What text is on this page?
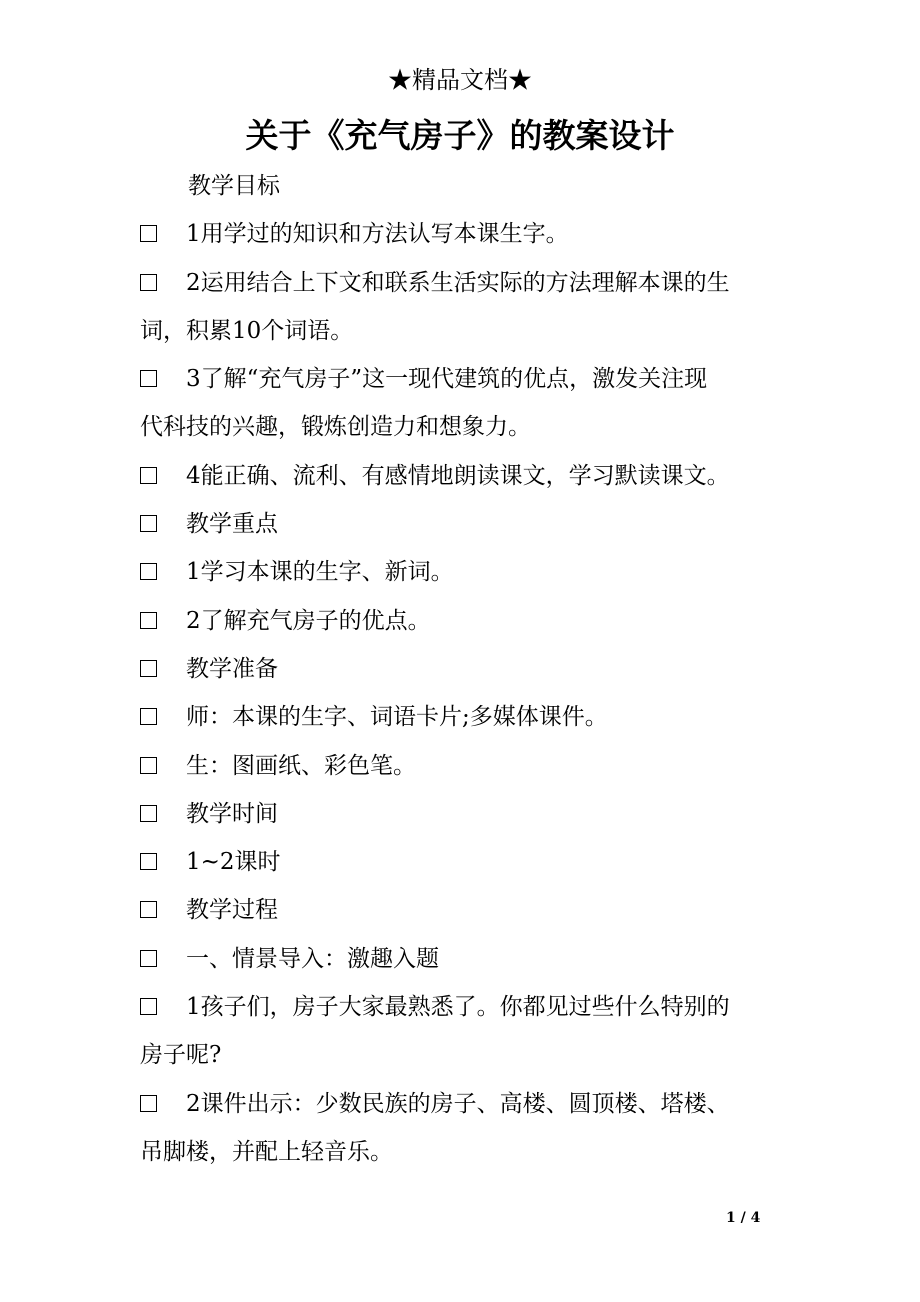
★精品文档★
关于《充气房子》的教案设计
教学目标
1用学过的知识和方法认写本课生字。
2运用结合上下文和联系生活实际的方法理解本课的生
词，积累10个词语。
3了解“充气房子”这一现代建筑的优点，激发关注现
代科技的兴趣，锻炼创造力和想象力。
4能正确、流利、有感情地朗读课文，学习默读课文。
教学重点
1学习本课的生字、新词。
2了解充气房子的优点。
教学准备
师：本课的生字、词语卡片;多媒体课件。
生：图画纸、彩色笔。
教学时间
1~2课时
教学过程
一、情景导入：激趣入题
1孩子们，房子大家最熟悉了。你都见过些什么特别的
房子呢?
2课件出示：少数民族的房子、高楼、圆顶楼、塔楼、
吊脚楼，并配上轻音乐。
1 / 4
